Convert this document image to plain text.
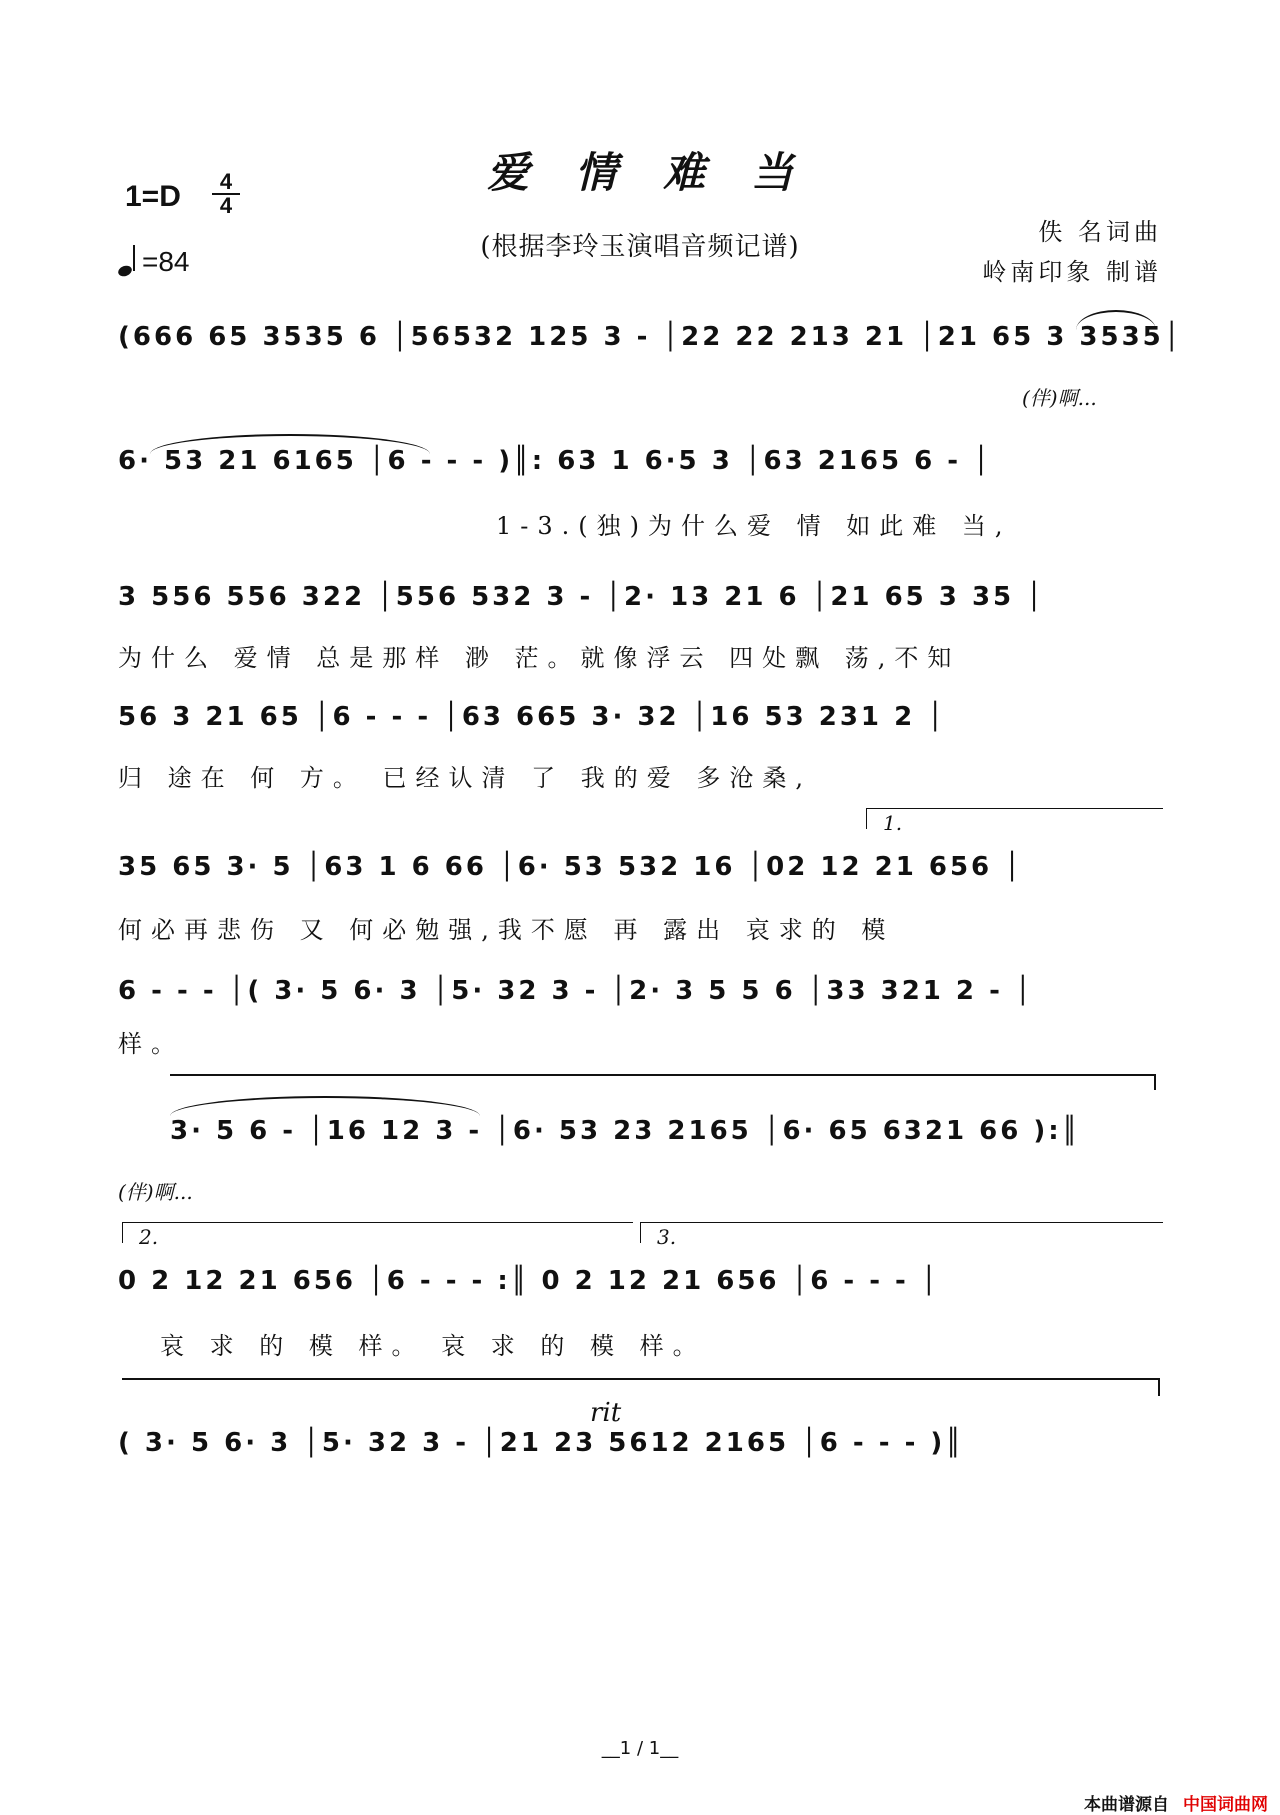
爱情难当
(根据李玲玉演唱音频记谱)
1=D	4
4
=84
佚 名词曲
岭南印象 制谱
(666 65 3535 6 │56532 125 3 - │22 22 213 21 │21 65 3 3535│
(伴)啊...
6· 53 21 6165 │6 - - - )║: 63 1 6·5 3 │63 2165 6 - │
1-3.(独)为什么爱 情 如此难 当,
3 556 556 322 │556 532 3 - │2· 13 21 6 │21 65 3 35 │
为什么 爱情 总是那样 渺 茫。就像浮云 四处飘 荡,不知
56 3 21 65 │6 - - - │63 665 3· 32 │16 53 231 2 │
归 途在 何 方。 已经认清 了 我的爱 多沧桑,
1.
35 65 3· 5 │63 1 6 66 │6· 53 532 16 │02 12 21 656 │
何必再悲伤 又 何必勉强,我不愿 再 露出 哀求的 模
6 - - - │( 3· 5 6· 3 │5· 32 3 - │2· 3 5 5 6 │33 321 2 - │
样。
3· 5 6 - │16 12 3 - │6· 53 23 2165 │6· 65 6321 66 ):║
(伴)啊...
2.	3.
0 2 12 21 656 │6 - - - :║ 0 2 12 21 656 │6 - - - │
哀 求 的 模 样。 哀 求 的 模 样。
rit
( 3· 5 6· 3 │5· 32 3 - │21 23 5612 2165 │6 - - - )║
__1 / 1__
本曲谱源自 中国词曲网
